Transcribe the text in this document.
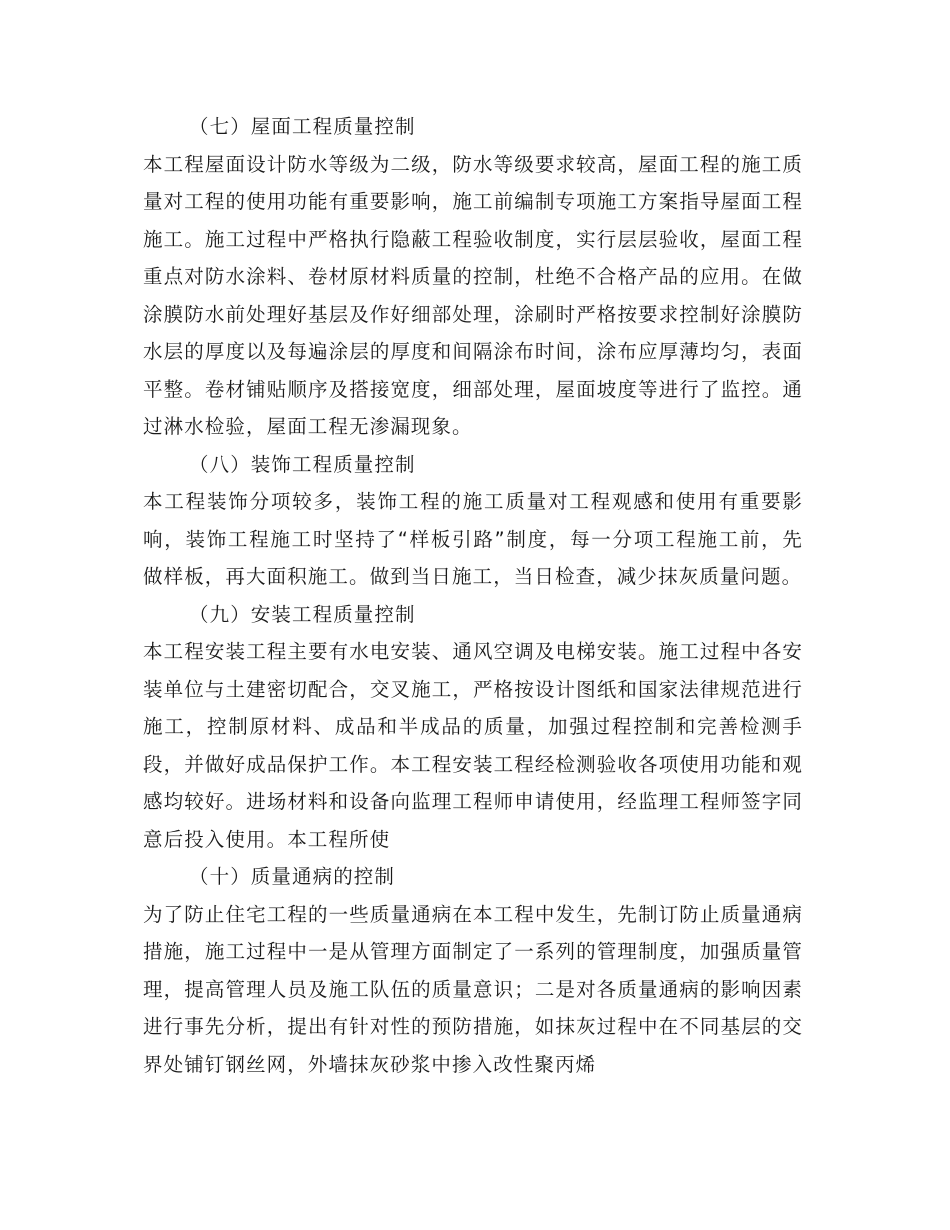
（七）屋面工程质量控制

本工程屋面设计防水等级为二级，防水等级要求较高，屋面工程的施工质量对工程的使用功能有重要影响，施工前编制专项施工方案指导屋面工程施工。施工过程中严格执行隐蔽工程验收制度，实行层层验收，屋面工程重点对防水涂料、卷材原材料质量的控制，杜绝不合格产品的应用。在做涂膜防水前处理好基层及作好细部处理，涂刷时严格按要求控制好涂膜防水层的厚度以及每遍涂层的厚度和间隔涂布时间，涂布应厚薄均匀，表面平整。卷材铺贴顺序及搭接宽度，细部处理，屋面坡度等进行了监控。通过淋水检验，屋面工程无渗漏现象。

（八）装饰工程质量控制

本工程装饰分项较多，装饰工程的施工质量对工程观感和使用有重要影响，装饰工程施工时坚持了“样板引路”制度，每一分项工程施工前，先做样板，再大面积施工。做到当日施工，当日检查，减少抹灰质量问题。

（九）安装工程质量控制

本工程安装工程主要有水电安装、通风空调及电梯安装。施工过程中各安装单位与土建密切配合，交叉施工，严格按设计图纸和国家法律规范进行施工，控制原材料、成品和半成品的质量，加强过程控制和完善检测手段，并做好成品保护工作。本工程安装工程经检测验收各项使用功能和观感均较好。进场材料和设备向监理工程师申请使用，经监理工程师签字同意后投入使用。本工程所使

（十）质量通病的控制

为了防止住宅工程的一些质量通病在本工程中发生，先制订防止质量通病措施，施工过程中一是从管理方面制定了一系列的管理制度，加强质量管理，提高管理人员及施工队伍的质量意识；二是对各质量通病的影响因素进行事先分析，提出有针对性的预防措施，如抹灰过程中在不同基层的交界处铺钉钢丝网，外墙抹灰砂浆中掺入改性聚丙烯
